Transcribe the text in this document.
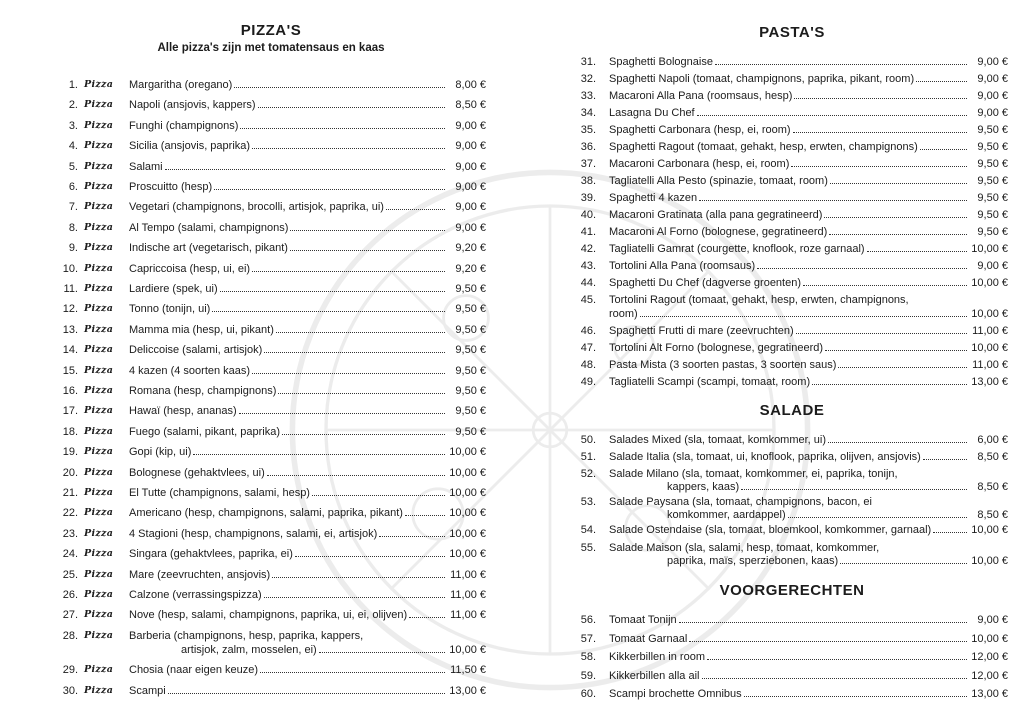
PIZZA'S
Alle pizza's zijn met tomatensaus en kaas
1. Pizza Margaritha (oregano)	8,00 €
2. Pizza Napoli (ansjovis, kappers)	8,50 €
3. Pizza Funghi (champignons)	9,00 €
4. Pizza Sicilia (ansjovis, paprika)	9,00 €
5. Pizza Salami	9,00 €
6. Pizza Proscuitto (hesp)	9,00 €
7. Pizza Vegetari (champignons, brocolli, artisjok, paprika, ui)	9,00 €
8. Pizza Al Tempo (salami, champignons)	9,00 €
9. Pizza Indische art (vegetarisch, pikant)	9,20 €
10. Pizza Capriccoisa (hesp, ui, ei)	9,20 €
11. Pizza Lardiere (spek, ui)	9,50 €
12. Pizza Tonno (tonijn, ui)	9,50 €
13. Pizza Mamma mia (hesp, ui, pikant)	9,50 €
14. Pizza Deliccoise (salami, artisjok)	9,50 €
15. Pizza 4 kazen (4 soorten kaas)	9,50 €
16. Pizza Romana (hesp, champignons)	9,50 €
17. Pizza Hawaï (hesp, ananas)	9,50 €
18. Pizza Fuego (salami, pikant, paprika)	9,50 €
19. Pizza Gopi (kip, ui)	10,00 €
20. Pizza Bolognese (gehaktvlees, ui)	10,00 €
21. Pizza El Tutte (champignons, salami, hesp)	10,00 €
22. Pizza Americano (hesp, champignons, salami, paprika, pikant)	10,00 €
23. Pizza 4 Stagioni (hesp, champignons, salami, ei, artisjok)	10,00 €
24. Pizza Singara (gehaktvlees, paprika, ei)	10,00 €
25. Pizza Mare (zeevruchten, ansjovis)	11,00 €
26. Pizza Calzone (verrassingspizza)	11,00 €
27. Pizza Nove (hesp, salami, champignons, paprika, ui, ei, olijven)	11,00 €
28. Pizza Barberia (champignons, hesp, paprika, kappers,
artisjok, zalm, mosselen, ei)	10,00 €
29. Pizza Chosia (naar eigen keuze)	11,50 €
30. Pizza Scampi	13,00 €
PASTA'S
31. Spaghetti Bolognaise	9,00 €
32. Spaghetti Napoli (tomaat, champignons, paprika, pikant, room)	9,00 €
33. Macaroni Alla Pana (roomsaus, hesp)	9,00 €
34. Lasagna Du Chef	9,00 €
35. Spaghetti Carbonara (hesp, ei, room)	9,50 €
36. Spaghetti Ragout (tomaat, gehakt, hesp, erwten, champignons)	9,50 €
37. Macaroni Carbonara (hesp, ei, room)	9,50 €
38. Tagliatelli Alla Pesto (spinazie, tomaat, room)	9,50 €
39. Spaghetti 4 kazen	9,50 €
40. Macaroni Gratinata (alla pana gegratineerd)	9,50 €
41. Macaroni Al Forno (bolognese, gegratineerd)	9,50 €
42. Tagliatelli Gamrat (courgette, knoflook, roze garnaal)	10,00 €
43. Tortolini Alla Pana (roomsaus)	9,00 €
44. Spaghetti Du Chef (dagverse groenten)	10,00 €
45. Tortolini Ragout (tomaat, gehakt, hesp, erwten, champignons,
room)	10,00 €
46. Spaghetti Frutti di mare (zeevruchten)	11,00 €
47. Tortolini Alt Forno (bolognese, gegratineerd)	10,00 €
48. Pasta Mista (3 soorten pastas, 3 soorten saus)	11,00 €
49. Tagliatelli Scampi (scampi, tomaat, room)	13,00 €
SALADE
50. Salades Mixed (sla, tomaat, komkommer, ui)	6,00 €
51. Salade Italia (sla, tomaat, ui, knoflook, paprika, olijven, ansjovis)	8,50 €
52. Salade Milano (sla, tomaat, komkommer, ei, paprika, tonijn,
kappers, kaas)	8,50 €
53. Salade Paysana (sla, tomaat, champignons, bacon, ei
komkommer, aardappel)	8,50 €
54. Salade Ostendaise (sla, tomaat, bloemkool, komkommer, garnaal)	10,00 €
55. Salade Maison (sla, salami, hesp, tomaat, komkommer,
paprika, maïs, sperziebonen, kaas)	10,00 €
VOORGERECHTEN
56. Tomaat Tonijn	9,00 €
57. Tomaat Garnaal	10,00 €
58. Kikkerbillen in room	12,00 €
59. Kikkerbillen alla ail	12,00 €
60. Scampi brochette Omnibus	13,00 €
